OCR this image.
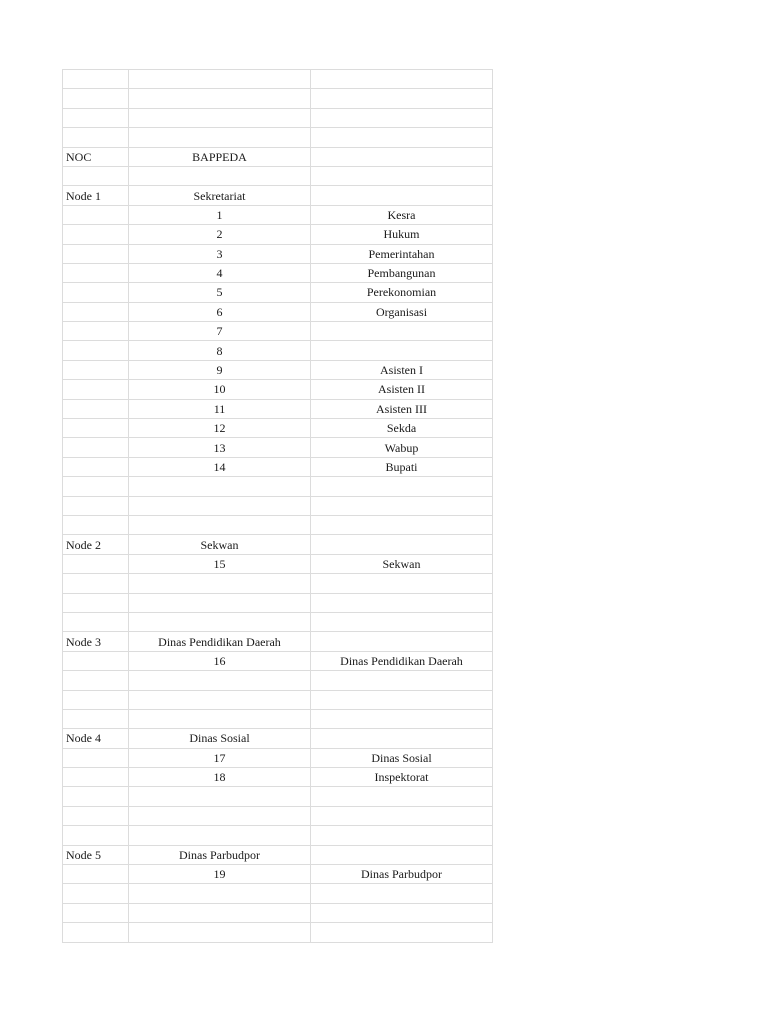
NOC	BAPPEDA	

Node 1	Sekretariat	
	1	Kesra
	2	Hukum
	3	Pemerintahan
	4	Pembangunan
	5	Perekonomian
	6	Organisasi
	7	
	8	
	9	Asisten I
	10	Asisten II
	11	Asisten III
	12	Sekda
	13	Wabup
	14	Bupati

Node 2	Sekwan	
	15	Sekwan

Node 3	Dinas Pendidikan Daerah	
	16	Dinas Pendidikan Daerah

Node 4	Dinas Sosial	
	17	Dinas Sosial
	18	Inspektorat

Node 5	Dinas Parbudpor	
	19	Dinas Parbudpor
